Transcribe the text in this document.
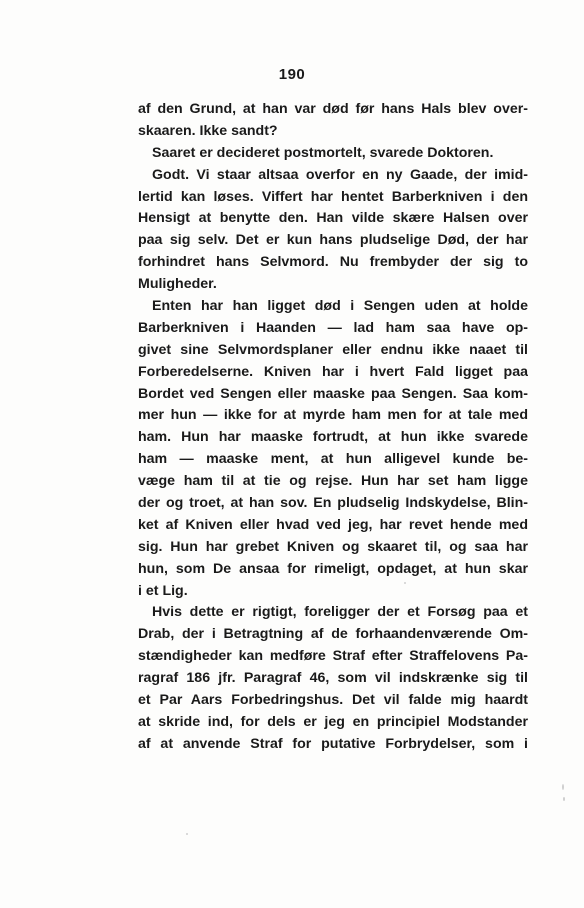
190
af den Grund, at han var død før hans Hals blev over-
skaaren. Ikke sandt?
Saaret er decideret postmortelt, svarede Doktoren.
Godt. Vi staar altsaa overfor en ny Gaade, der imid-
lertid kan løses. Viffert har hentet Barberkniven i den
Hensigt at benytte den. Han vilde skære Halsen over
paa sig selv. Det er kun hans pludselige Død, der har
forhindret hans Selvmord. Nu frembyder der sig to
Muligheder.
Enten har han ligget død i Sengen uden at holde
Barberkniven i Haanden — lad ham saa have op-
givet sine Selvmordsplaner eller endnu ikke naaet til
Forberedelserne. Kniven har i hvert Fald ligget paa
Bordet ved Sengen eller maaske paa Sengen. Saa kom-
mer hun — ikke for at myrde ham men for at tale med
ham. Hun har maaske fortrudt, at hun ikke svarede
ham — maaske ment, at hun alligevel kunde be-
væge ham til at tie og rejse. Hun har set ham ligge
der og troet, at han sov. En pludselig Indskydelse, Blin-
ket af Kniven eller hvad ved jeg, har revet hende med
sig. Hun har grebet Kniven og skaaret til, og saa har
hun, som De ansaa for rimeligt, opdaget, at hun skar
i et Lig.
Hvis dette er rigtigt, foreligger der et Forsøg paa et
Drab, der i Betragtning af de forhaandenværende Om-
stændigheder kan medføre Straf efter Straffelovens Pa-
ragraf 186 jfr. Paragraf 46, som vil indskrænke sig til
et Par Aars Forbedringshus. Det vil falde mig haardt
at skride ind, for dels er jeg en principiel Modstander
af at anvende Straf for putative Forbrydelser, som i
